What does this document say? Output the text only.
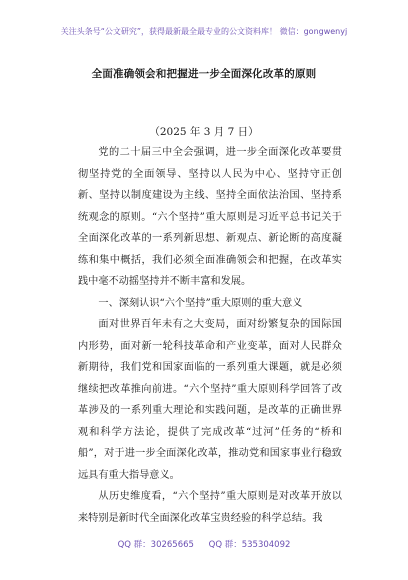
关注头条号“公文研究”，获得最新最全最专业的公文资料库！ 微信：gongwenyj
全面准确领会和把握进一步全面深化改革的原则
（2025 年 3 月 7 日）

党的二十届三中全会强调，进一步全面深化改革要贯彻坚持党的全面领导、坚持以人民为中心、坚持守正创新、坚持以制度建设为主线、坚持全面依法治国、坚持系统观念的原则。“六个坚持”重大原则是习近平总书记关于全面深化改革的一系列新思想、新观点、新论断的高度凝练和集中概括，我们必须全面准确领会和把握，在改革实践中毫不动摇坚持并不断丰富和发展。

一、深刻认识“六个坚持”重大原则的重大意义

面对世界百年未有之大变局，面对纷繁复杂的国际国内形势，面对新一轮科技革命和产业变革，面对人民群众新期待，我们党和国家面临的一系列重大课题，就是必须继续把改革推向前进。“六个坚持”重大原则科学回答了改革涉及的一系列重大理论和实践问题，是改革的正确世界观和科学方法论，提供了完成改革“过河”任务的“桥和船”，对于进一步全面深化改革，推动党和国家事业行稳致远具有重大指导意义。

从历史维度看，“六个坚持”重大原则是对改革开放以来特别是新时代全面深化改革宝贵经验的科学总结。我

QQ 群：30265665 QQ 群：535304092
